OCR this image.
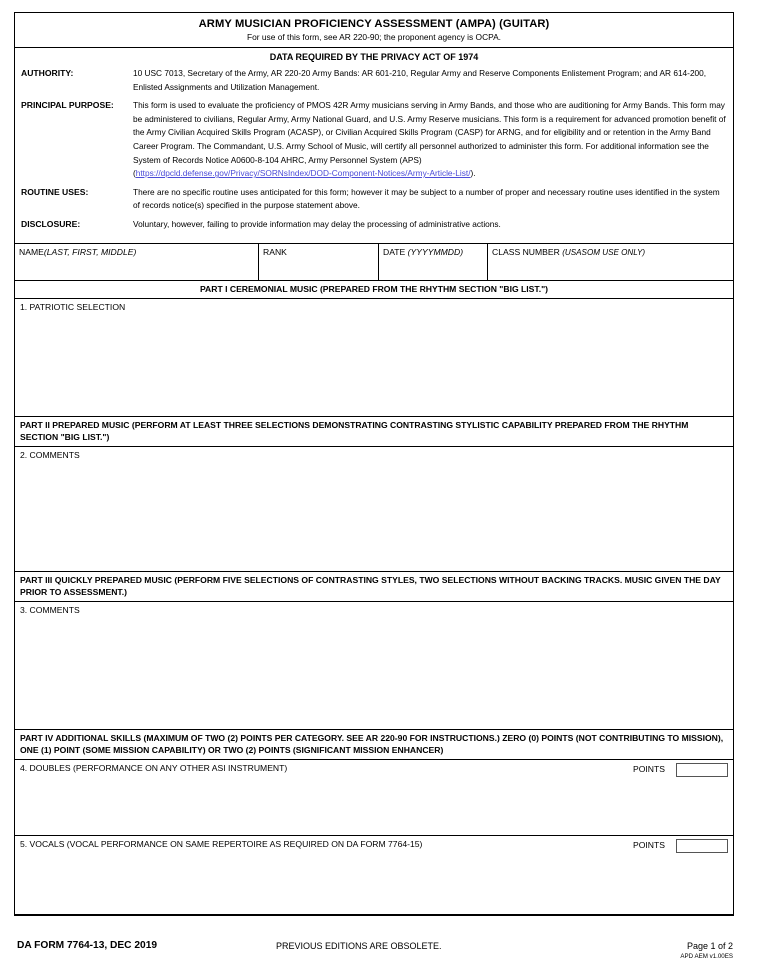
ARMY MUSICIAN PROFICIENCY ASSESSMENT (AMPA) (GUITAR)
For use of this form, see AR 220-90; the proponent agency is OCPA.
DATA REQUIRED BY THE PRIVACY ACT OF 1974
AUTHORITY:	10 USC 7013, Secretary of the Army, AR 220-20 Army Bands: AR 601-210, Regular Army and Reserve Components Enlistement Program; and AR 614-200, Enlisted Assignments and Utilization Management.
PRINCIPAL PURPOSE:	This form is used to evaluate the proficiency of PMOS 42R Army musicians serving in Army Bands, and those who are auditioning for Army Bands. This form may be administered to civilians, Regular Army, Army National Guard, and U.S. Army Reserve musicians. This form is a requirement for advanced promotion benefit of the Army Civilian Acquired Skills Program (ACASP), or Civilian Acquired Skills Program (CASP) for ARNG, and for eligibility and or retention in the Army Band Career Program. The Commandant, U.S. Army School of Music, will certify all personnel authorized to administer this form. For additional information see the System of Records Notice A0600-8-104 AHRC, Army Personnel System (APS)

(https://dpcld.defense.gov/Privacy/SORNsIndex/DOD-Component-Notices/Army-Article-List/).

ROUTINE USES:	There are no specific routine uses anticipated for this form; however it may be subject to a number of proper and necessary routine uses identified in the system of records notice(s) specified in the purpose statement above.
DISCLOSURE:	Voluntary, however, failing to provide information may delay the processing of administrative actions.
NAME(LAST, FIRST, MIDDLE)	RANK	DATE (YYYYMMDD)	CLASS NUMBER (USASOM USE ONLY)
PART I CEREMONIAL MUSIC (PREPARED FROM THE RHYTHM SECTION "BIG LIST.")
1. PATRIOTIC SELECTION
PART II PREPARED MUSIC (PERFORM AT LEAST THREE SELECTIONS DEMONSTRATING CONTRASTING STYLISTIC CAPABILITY PREPARED FROM THE RHYTHM SECTION "BIG LIST.")
2. COMMENTS
PART III QUICKLY PREPARED MUSIC (PERFORM FIVE SELECTIONS OF CONTRASTING STYLES, TWO SELECTIONS WITHOUT BACKING TRACKS. MUSIC GIVEN THE DAY PRIOR TO ASSESSMENT.)
3. COMMENTS
PART IV ADDITIONAL SKILLS (MAXIMUM OF TWO (2) POINTS PER CATEGORY. SEE AR 220-90 FOR INSTRUCTIONS.) ZERO (0) POINTS (NOT CONTRIBUTING TO MISSION), ONE (1) POINT (SOME MISSION CAPABILITY) OR TWO (2) POINTS (SIGNIFICANT MISSION ENHANCER)
4. DOUBLES (PERFORMANCE ON ANY OTHER ASI INSTRUMENT)	POINTS
5. VOCALS (VOCAL PERFORMANCE ON SAME REPERTOIRE AS REQUIRED ON DA FORM 7764-15)	POINTS
DA FORM 7764-13, DEC 2019	PREVIOUS EDITIONS ARE OBSOLETE.	Page 1 of 2
APD AEM v1.00ES
